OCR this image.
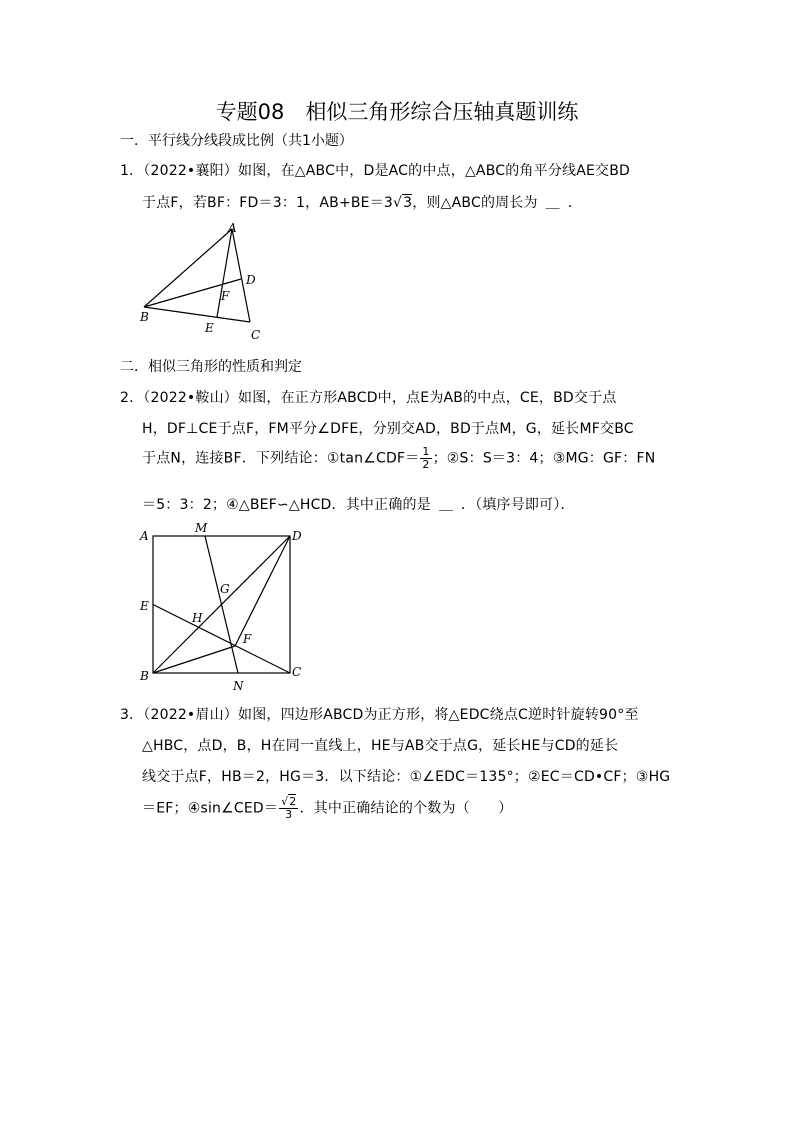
专题08　相似三角形综合压轴真题训练
一．平行线分线段成比例（共1小题）
1．（2022•襄阳）如图，在△ABC中，D是AC的中点，△ABC的角平分线AE交BD
于点F，若BF：FD＝3：1，AB+BE＝3√3，则△ABC的周长为 ＿ ．
A
D
F
B
E	C
二．相似三角形的性质和判定
2．（2022•鞍山）如图，在正方形ABCD中，点E为AB的中点，CE，BD交于点
H，DF⊥CE于点F，FM平分∠DFE，分别交AD，BD于点M，G，延长MF交BC
于点N，连接BF．下列结论：①tan∠CDF＝ $\frac{1}{2}$ ；②S：S＝3：4；③MG：GF：FN
＝5：3：2；④△BEF∽△HCD．其中正确的是 ＿ ．（填序号即可）．
A
M
D
G
E
H
F
B
N
C
3．（2022•眉山）如图，四边形ABCD为正方形，将△EDC绕点C逆时针旋转90°至
△HBC，点D，B，H在同一直线上，HE与AB交于点G，延长HE与CD的延长
线交于点F，HB＝2，HG＝3．以下结论：①∠EDC＝135°；②EC＝CD•CF；③HG
＝EF；④sin∠CED＝ $\frac{√2}{3}$ ．其中正确结论的个数为（　　）
